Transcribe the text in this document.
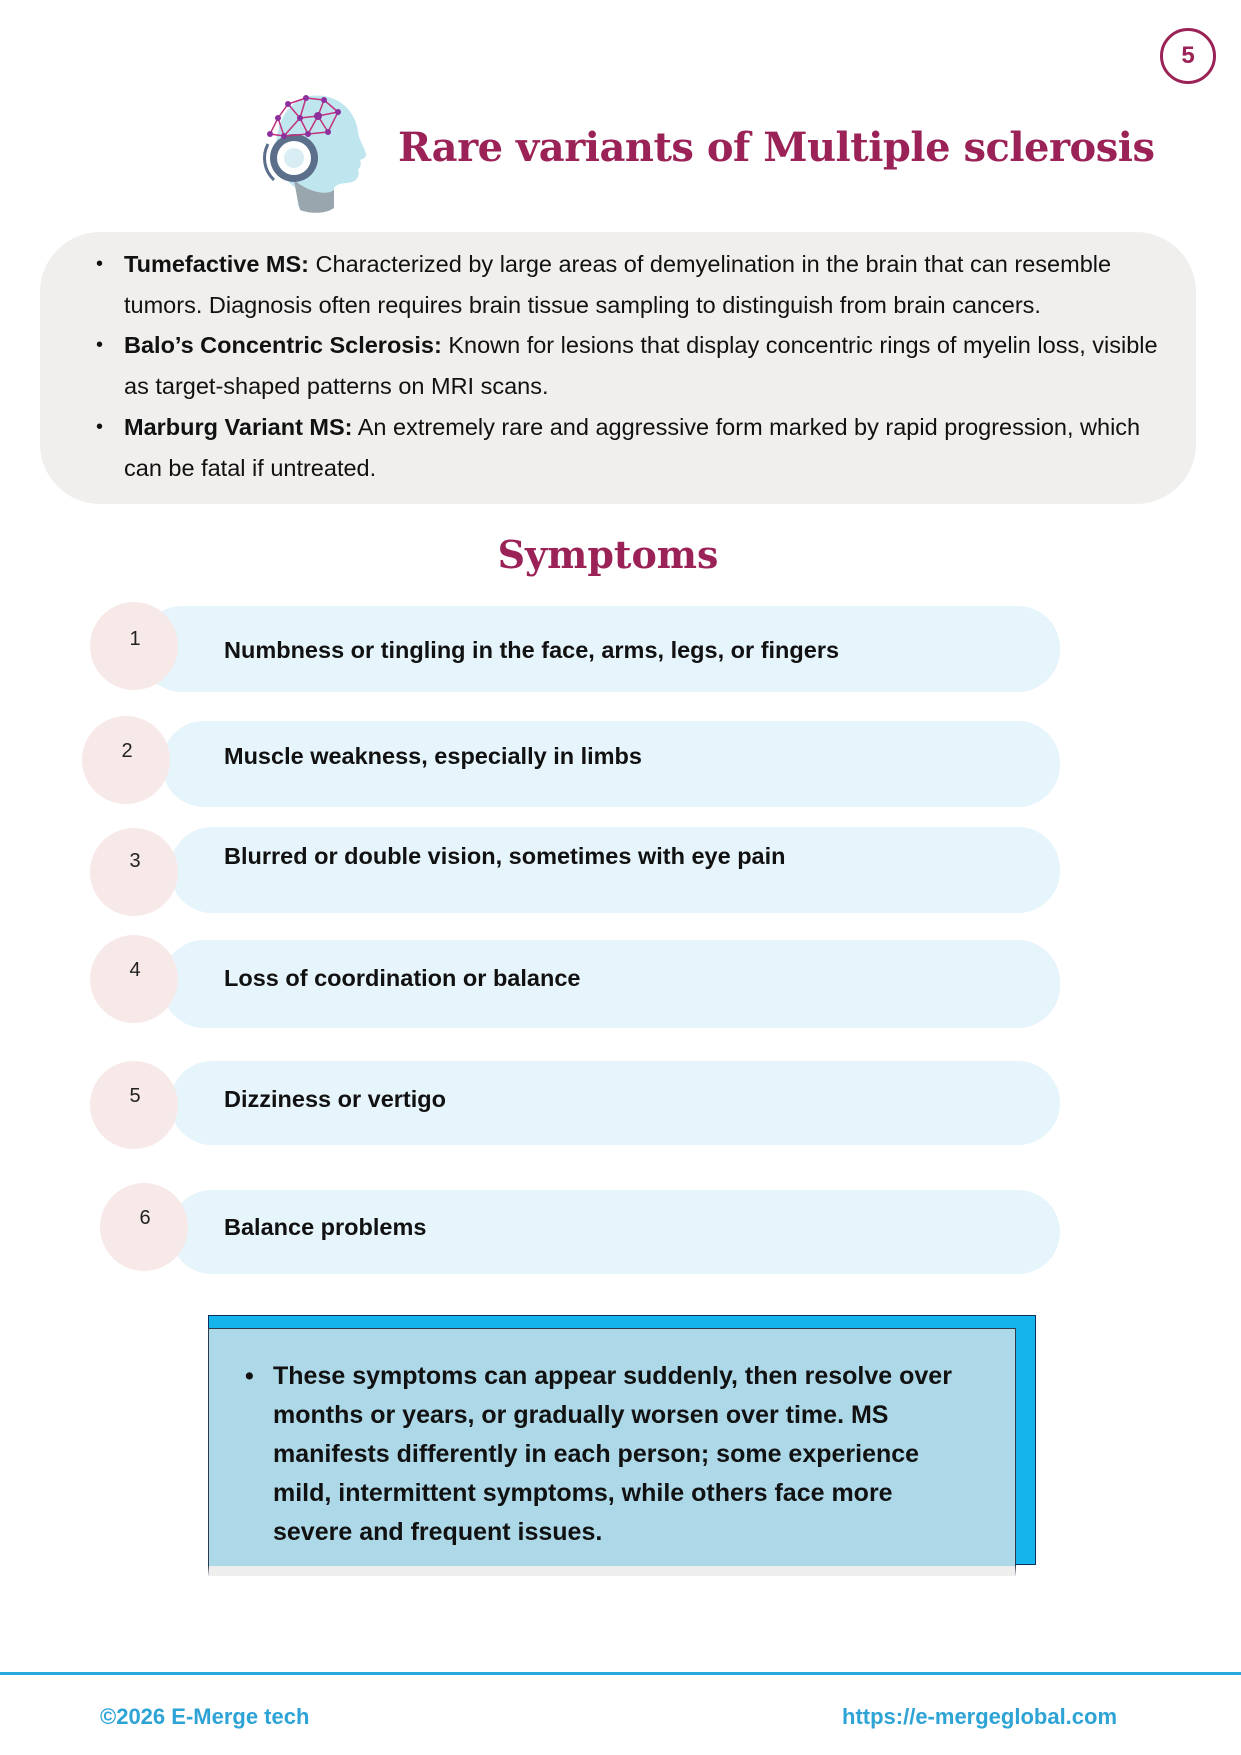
5
Rare variants of Multiple sclerosis
• Tumefactive MS: Characterized by large areas of demyelination in the brain that can resemble tumors. Diagnosis often requires brain tissue sampling to distinguish from brain cancers.
• Balo’s Concentric Sclerosis: Known for lesions that display concentric rings of myelin loss, visible as target-shaped patterns on MRI scans.
• Marburg Variant MS: An extremely rare and aggressive form marked by rapid progression, which can be fatal if untreated.
Symptoms
1	Numbness or tingling in the face, arms, legs, or fingers
2	Muscle weakness, especially in limbs
3	Blurred or double vision, sometimes with eye pain
4	Loss of coordination or balance
5	Dizziness or vertigo
6	Balance problems
• These symptoms can appear suddenly, then resolve over months or years, or gradually worsen over time. MS manifests differently in each person; some experience mild, intermittent symptoms, while others face more severe and frequent issues.
©2026 E-Merge tech	https://e-mergeglobal.com
